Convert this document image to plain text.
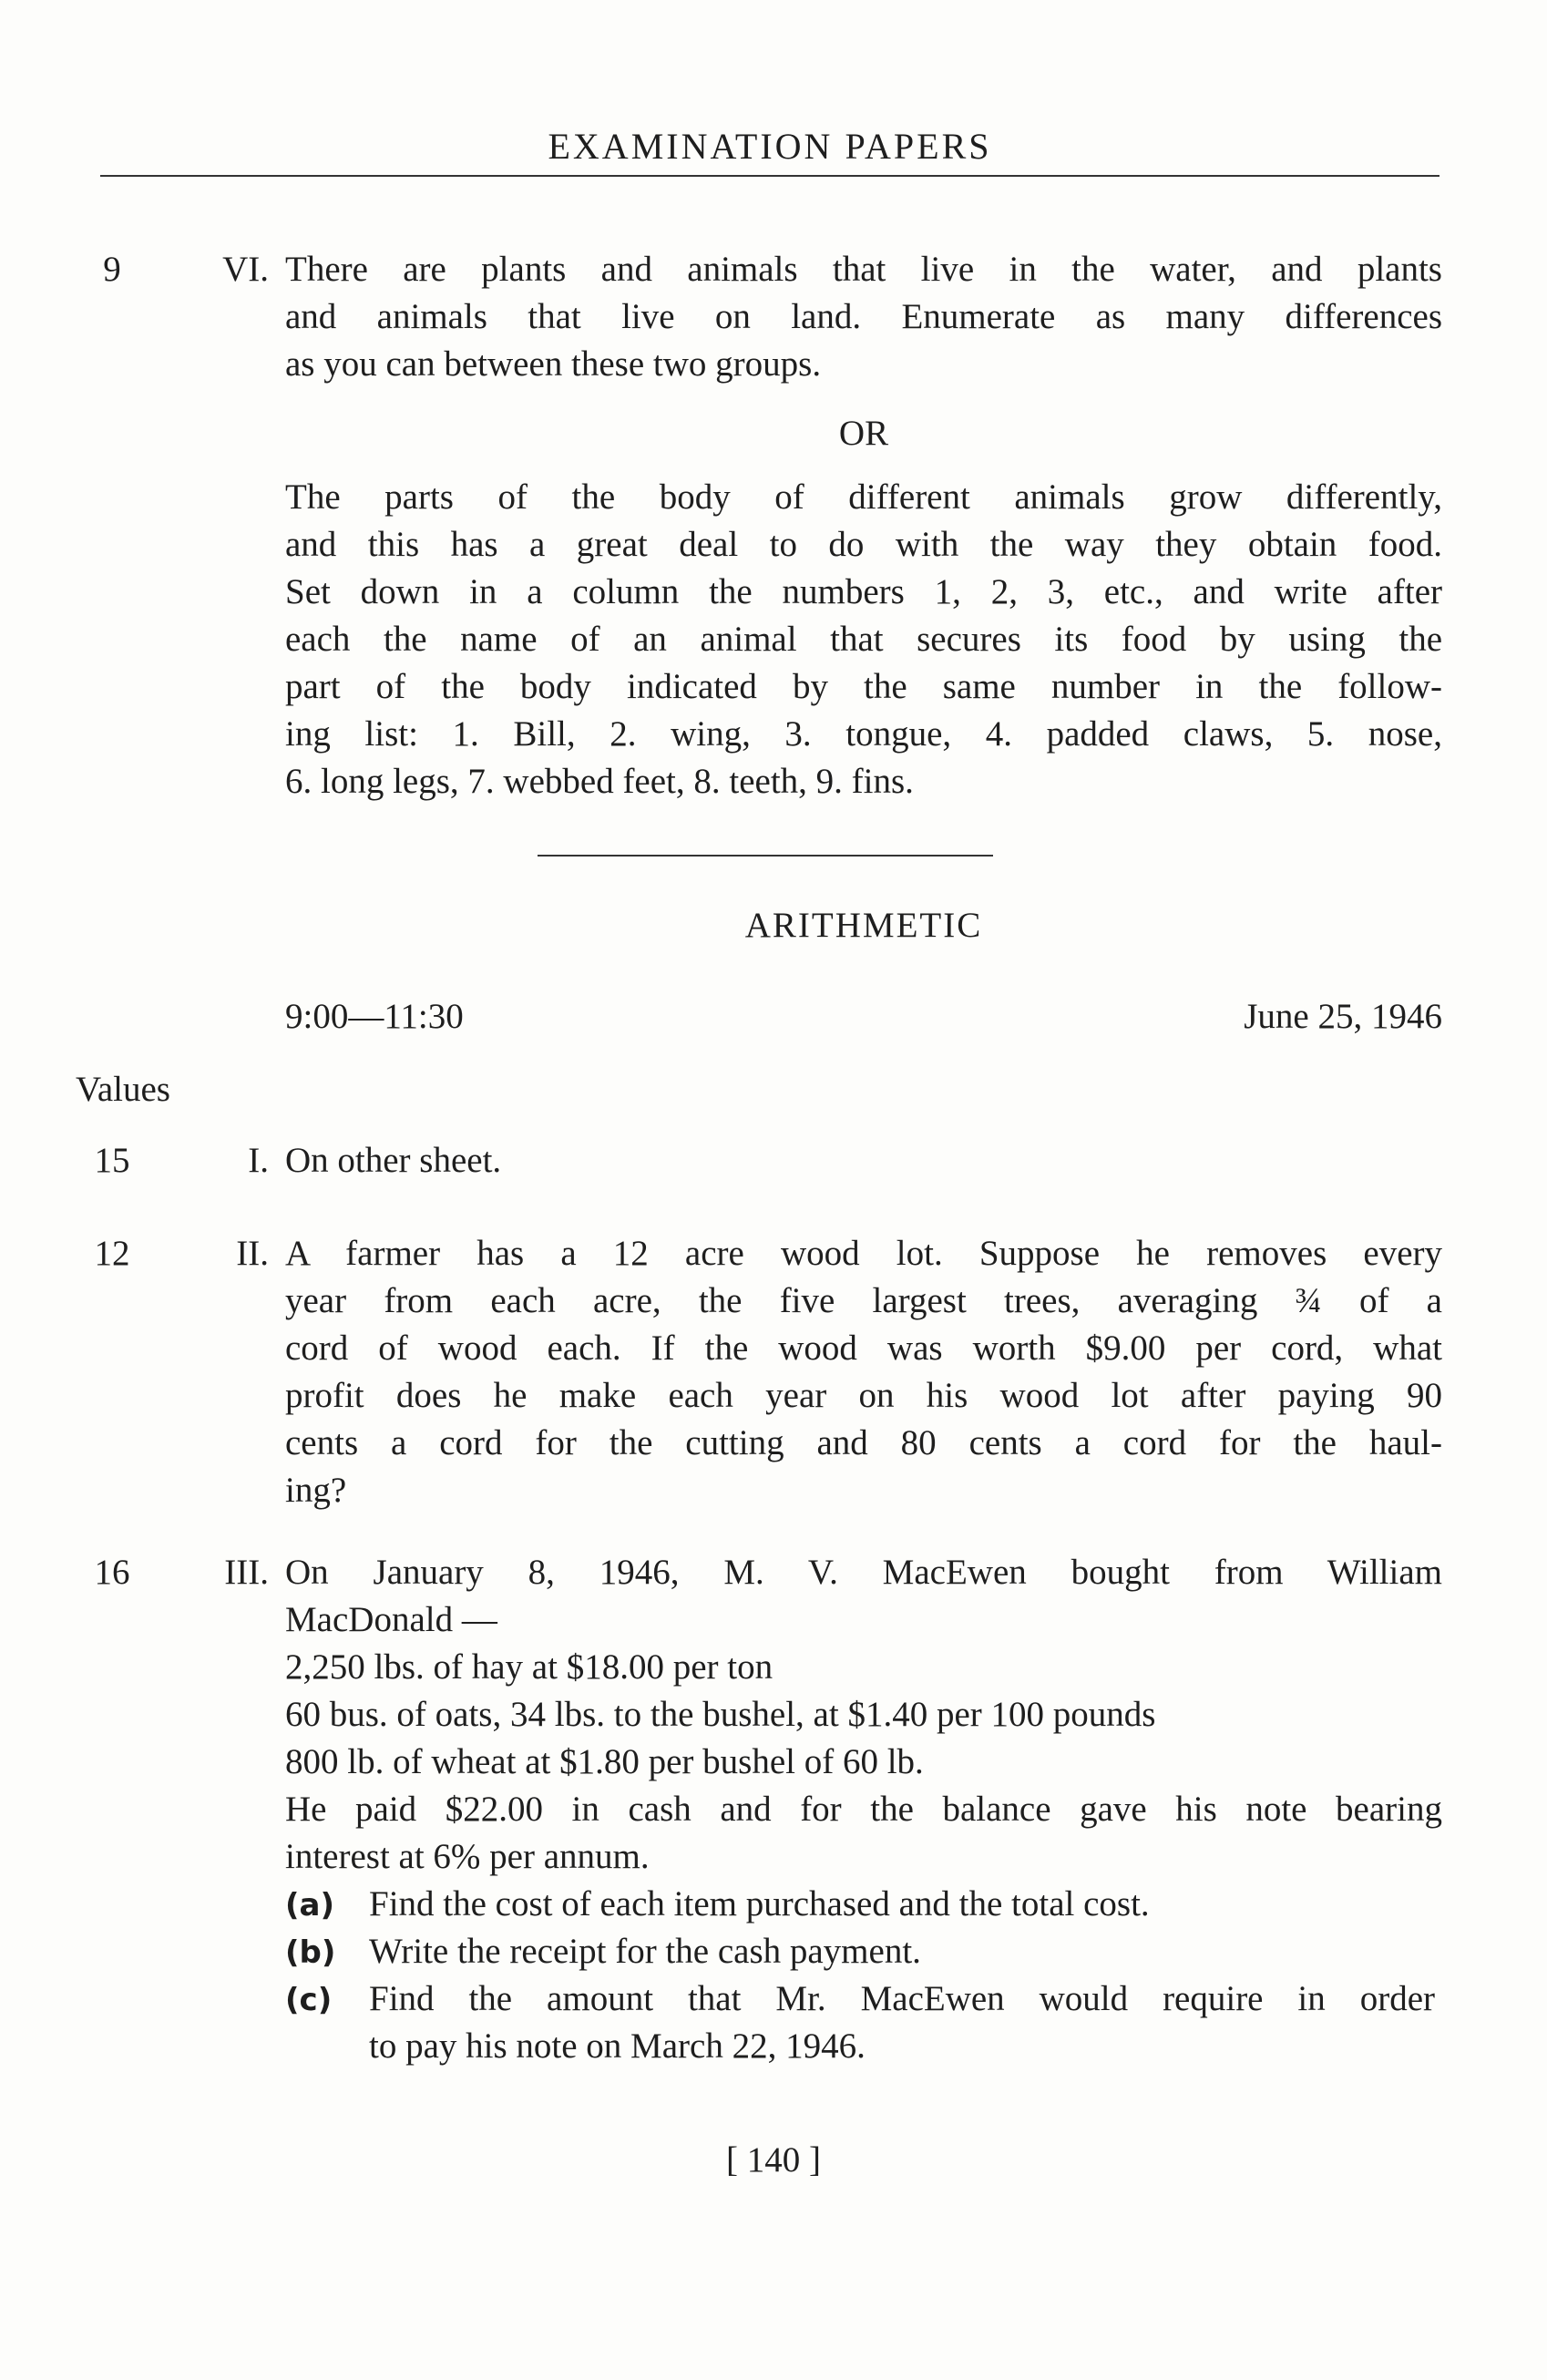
EXAMINATION PAPERS
9	VI. There are plants and animals that live in the water, and plants
and animals that live on land. Enumerate as many differences
as you can between these two groups.
OR
The parts of the body of different animals grow differently,
and this has a great deal to do with the way they obtain food.
Set down in a column the numbers 1, 2, 3, etc., and write after
each the name of an animal that secures its food by using the
part of the body indicated by the same number in the follow-
ing list: 1. Bill, 2. wing, 3. tongue, 4. padded claws, 5. nose,
6. long legs, 7. webbed feet, 8. teeth, 9. fins.
ARITHMETIC
9:00—11:30	June 25, 1946
Values
15	I. On other sheet.
12	II. A farmer has a 12 acre wood lot. Suppose he removes every
year from each acre, the five largest trees, averaging ¾ of a
cord of wood each. If the wood was worth $9.00 per cord, what
profit does he make each year on his wood lot after paying 90
cents a cord for the cutting and 80 cents a cord for the haul-
ing?
16	III. On January 8, 1946, M. V. MacEwen bought from William
MacDonald —
2,250 lbs. of hay at $18.00 per ton
60 bus. of oats, 34 lbs. to the bushel, at $1.40 per 100 pounds
800 lb. of wheat at $1.80 per bushel of 60 lb.
He paid $22.00 in cash and for the balance gave his note bearing
interest at 6% per annum.
(a) Find the cost of each item purchased and the total cost.
(b) Write the receipt for the cash payment.
(c) Find the amount that Mr. MacEwen would require in order
to pay his note on March 22, 1946.
[ 140 ]
